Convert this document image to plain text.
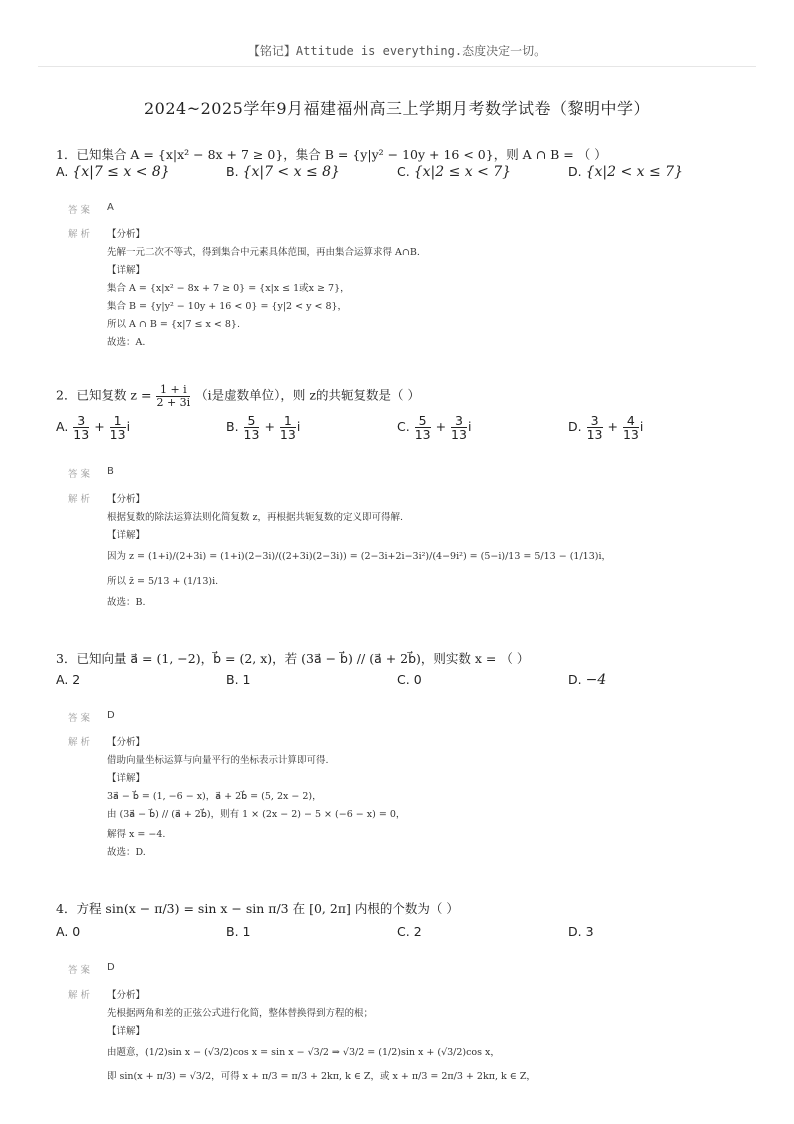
【铭记】Attitude is everything.态度决定一切。
2024~2025学年9月福建福州高三上学期月考数学试卷（黎明中学）
1．已知集合 A = {x|x² − 8x + 7 ≥ 0}，集合 B = {y|y² − 10y + 16 < 0}，则 A ∩ B = （ ）
A. {x|7 ≤ x < 8}	B. {x|7 < x ≤ 8}	C. {x|2 ≤ x < 7}	D. {x|2 < x ≤ 7}
答案 A
解析 【分析】
先解一元二次不等式，得到集合中元素具体范围，再由集合运算求得 A∩B.
【详解】
集合 A = {x|x² − 8x + 7 ≥ 0} = {x|x ≤ 1或x ≥ 7}，
集合 B = {y|y² − 10y + 16 < 0} = {y|2 < y < 8}，
所以 A ∩ B = {x|7 ≤ x < 8}.
故选：A.
2．已知复数 $z = \frac{1 + i}{2 + 3i} (i$是虚数单位），则 z的共轭复数是（ ）
A. $\frac{3}{13} + \frac{1}{13}$ i	B. $\frac{5}{13} + \frac{1}{13}$ i	C. $\frac{5}{13} + \frac{3}{13}$ i	D. $\frac{3}{13} + \frac{4}{13}$ i
答案 B
解析 【分析】
根据复数的除法运算法则化简复数 z，再根据共轭复数的定义即可得解.
【详解】
因为 z = (1+i)/(2+3i) = (1+i)(2−3i)/((2+3i)(2−3i)) = (2−3i+2i−3i²)/(4−9i²) = (5−i)/13 = 5/13 − (1/13)i，
所以 z̄ = 5/13 + (1/13)i.
故选：B.
3．已知向量 a⃗ = (1, −2)，b⃗ = (2, x)，若 (3a⃗ − b⃗) // (a⃗ + 2b⃗)，则实数 x = （ ）
A. 2	B. 1	C. 0	D. −4
答案 D
解析 【分析】
借助向量坐标运算与向量平行的坐标表示计算即可得.
【详解】
3a⃗ − b⃗ = (1, −6 − x)，a⃗ + 2b⃗ = (5, 2x − 2)，
由 (3a⃗ − b⃗) // (a⃗ + 2b⃗)，则有 1 × (2x − 2) − 5 × (−6 − x) = 0，
解得 x = −4.
故选：D.
4．方程 sin(x − π/3) = sin x − sin π/3 在 [0, 2π] 内根的个数为（ ）
A. 0	B. 1	C. 2	D. 3
答案 D
解析 【分析】
先根据两角和差的正弦公式进行化简，整体替换得到方程的根；
【详解】
由题意，(1/2)sin x − (√3/2)cos x = sin x − √3/2 ⇒ √3/2 = (1/2)sin x + (√3/2)cos x，
即 sin(x + π/3) = √3/2，可得 x + π/3 = π/3 + 2kπ, k ∈ Z，或 x + π/3 = 2π/3 + 2kπ, k ∈ Z，
